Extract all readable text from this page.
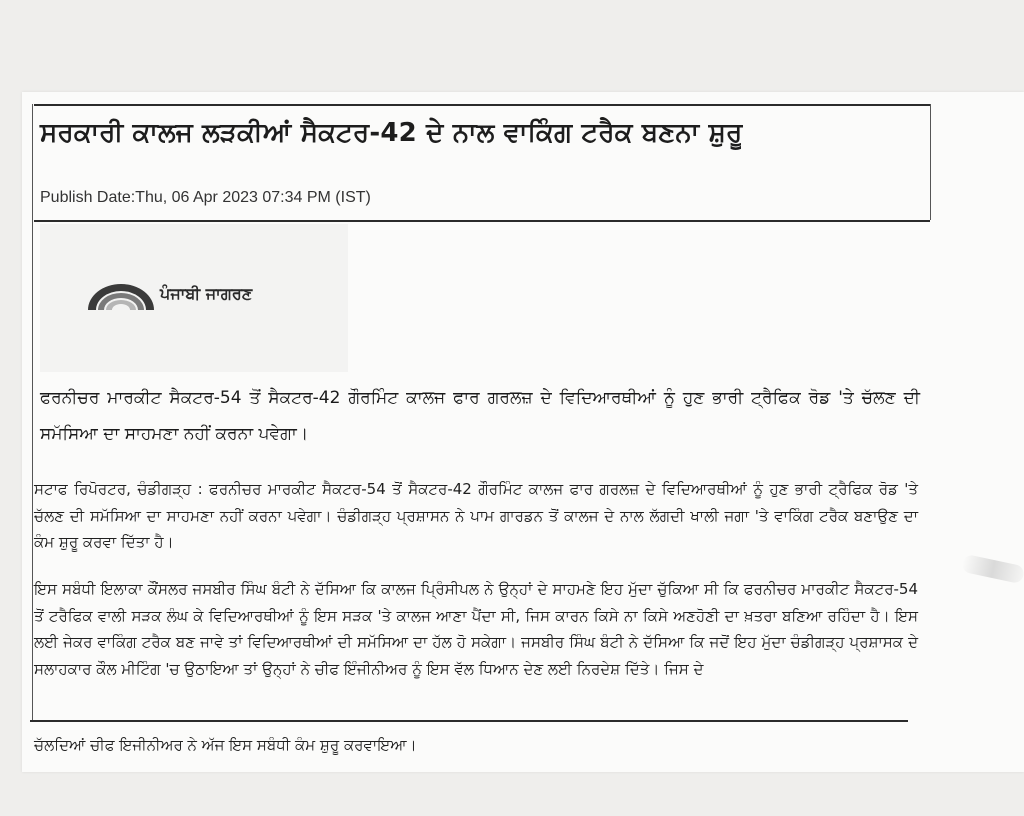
ਸਰਕਾਰੀ ਕਾਲਜ ਲੜਕੀਆਂ ਸੈਕਟਰ-42 ਦੇ ਨਾਲ ਵਾਕਿੰਗ ਟਰੈਕ ਬਣਨਾ ਸ਼ੁਰੂ
Publish Date:Thu, 06 Apr 2023 07:34 PM (IST)
ਪੰਜਾਬੀ ਜਾਗਰਣ

ਫਰਨੀਚਰ ਮਾਰਕੀਟ ਸੈਕਟਰ-54 ਤੋਂ ਸੈਕਟਰ-42 ਗੌਰਮਿੰਟ ਕਾਲਜ ਫਾਰ ਗਰਲਜ਼ ਦੇ ਵਿਦਿਆਰਥੀਆਂ ਨੂੰ ਹੁਣ ਭਾਰੀ ਟ੍ਰੈਫਿਕ ਰੋਡ 'ਤੇ ਚੱਲਣ ਦੀ ਸਮੱਸਿਆ ਦਾ ਸਾਹਮਣਾ ਨਹੀਂ ਕਰਨਾ ਪਵੇਗਾ।

ਸਟਾਫ ਰਿਪੋਰਟਰ, ਚੰਡੀਗੜ੍ਹ : ਫਰਨੀਚਰ ਮਾਰਕੀਟ ਸੈਕਟਰ-54 ਤੋਂ ਸੈਕਟਰ-42 ਗੌਰਮਿੰਟ ਕਾਲਜ ਫਾਰ ਗਰਲਜ਼ ਦੇ ਵਿਦਿਆਰਥੀਆਂ ਨੂੰ ਹੁਣ ਭਾਰੀ ਟ੍ਰੈਫਿਕ ਰੋਡ 'ਤੇ ਚੱਲਣ ਦੀ ਸਮੱਸਿਆ ਦਾ ਸਾਹਮਣਾ ਨਹੀਂ ਕਰਨਾ ਪਵੇਗਾ। ਚੰਡੀਗੜ੍ਹ ਪ੍ਰਸ਼ਾਸਨ ਨੇ ਪਾਮ ਗਾਰਡਨ ਤੋਂ ਕਾਲਜ ਦੇ ਨਾਲ ਲੱਗਦੀ ਖਾਲੀ ਜਗਾ 'ਤੇ ਵਾਕਿੰਗ ਟਰੈਕ ਬਣਾਉਣ ਦਾ ਕੰਮ ਸ਼ੁਰੂ ਕਰਵਾ ਦਿੱਤਾ ਹੈ।

ਇਸ ਸਬੰਧੀ ਇਲਾਕਾ ਕੌਂਸਲਰ ਜਸਬੀਰ ਸਿੰਘ ਬੰਟੀ ਨੇ ਦੱਸਿਆ ਕਿ ਕਾਲਜ ਪ੍ਰਿੰਸੀਪਲ ਨੇ ਉਨ੍ਹਾਂ ਦੇ ਸਾਹਮਣੇ ਇਹ ਮੁੱਦਾ ਚੁੱਕਿਆ ਸੀ ਕਿ ਫਰਨੀਚਰ ਮਾਰਕੀਟ ਸੈਕਟਰ-54 ਤੋਂ ਟਰੈਫਿਕ ਵਾਲੀ ਸੜਕ ਲੰਘ ਕੇ ਵਿਦਿਆਰਥੀਆਂ ਨੂੰ ਇਸ ਸੜਕ 'ਤੇ ਕਾਲਜ ਆਣਾ ਪੈਂਦਾ ਸੀ, ਜਿਸ ਕਾਰਨ ਕਿਸੇ ਨਾ ਕਿਸੇ ਅਣਹੋਣੀ ਦਾ ਖ਼ਤਰਾ ਬਣਿਆ ਰਹਿੰਦਾ ਹੈ। ਇਸ ਲਈ ਜੇਕਰ ਵਾਕਿੰਗ ਟਰੈਕ ਬਣ ਜਾਵੇ ਤਾਂ ਵਿਦਿਆਰਥੀਆਂ ਦੀ ਸਮੱਸਿਆ ਦਾ ਹੱਲ ਹੋ ਸਕੇਗਾ। ਜਸਬੀਰ ਸਿੰਘ ਬੰਟੀ ਨੇ ਦੱਸਿਆ ਕਿ ਜਦੋਂ ਇਹ ਮੁੱਦਾ ਚੰਡੀਗੜ੍ਹ ਪ੍ਰਸ਼ਾਸਕ ਦੇ ਸਲਾਹਕਾਰ ਕੌਲ ਮੀਟਿੰਗ 'ਚ ਉਠਾਇਆ ਤਾਂ ਉਨ੍ਹਾਂ ਨੇ ਚੀਫ ਇੰਜੀਨੀਅਰ ਨੂੰ ਇਸ ਵੱਲ ਧਿਆਨ ਦੇਣ ਲਈ ਨਿਰਦੇਸ਼ ਦਿੱਤੇ। ਜਿਸ ਦੇ

ਚੱਲਦਿਆਂ ਚੀਫ ਇਜੀਨੀਅਰ ਨੇ ਅੱਜ ਇਸ ਸਬੰਧੀ ਕੰਮ ਸ਼ੁਰੂ ਕਰਵਾਇਆ।
